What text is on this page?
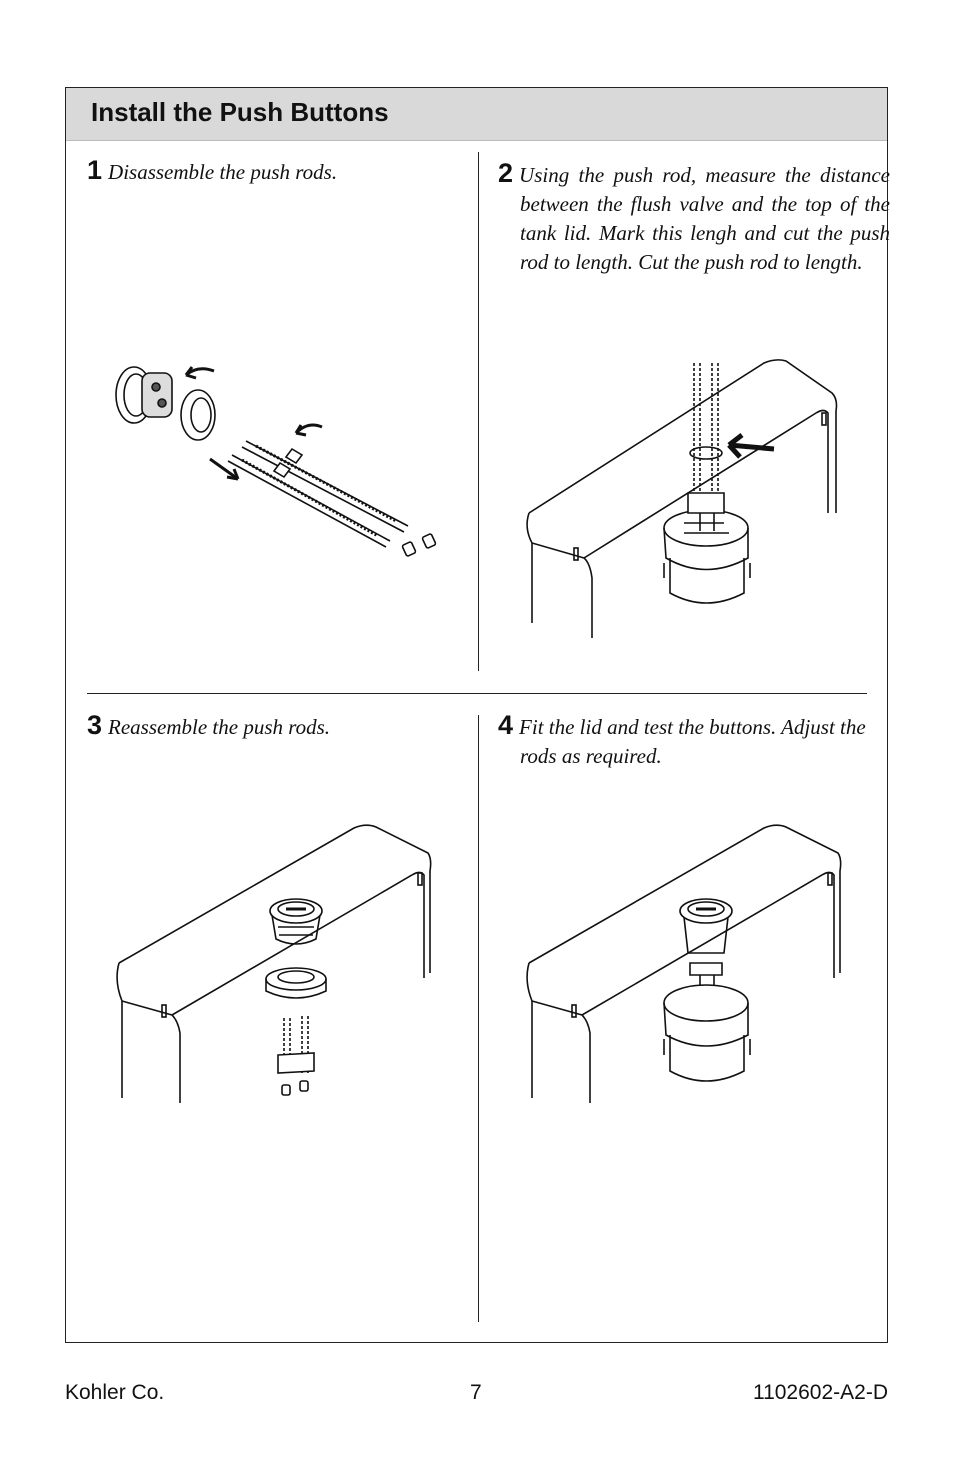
Install the Push Buttons
1 Disassemble the push rods.	2 Using the push rod, measure the distance between the flush valve and the top of the tank lid. Mark this lengh and cut the push rod to length. Cut the push rod to length.
3 Reassemble the push rods.	4 Fit the lid and test the buttons. Adjust the rods as required.
Kohler Co.	7	1102602-A2-D
